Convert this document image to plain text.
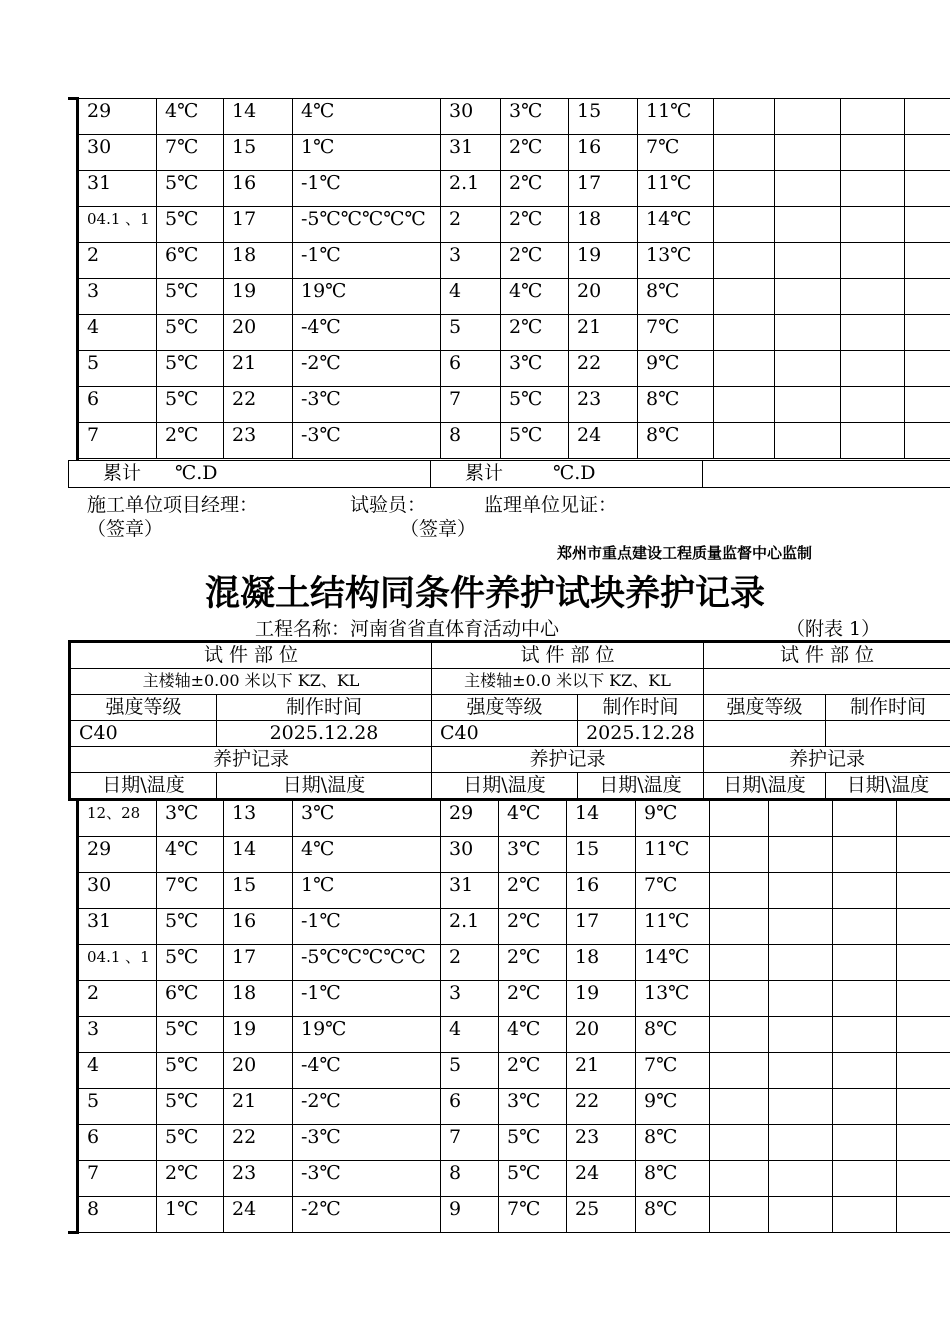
29	4℃	14	4℃	30	3℃	15	11℃				
30	7℃	15	1℃	31	2℃	16	7℃				
31	5℃	16	-1℃	2.1	2℃	17	11℃				
04.1 、1	5℃	17	-5℃℃℃℃℃	2	2℃	18	14℃				
2	6℃	18	-1℃	3	2℃	19	13℃				
3	5℃	19	19℃	4	4℃	20	8℃				
4	5℃	20	-4℃	5	2℃	21	7℃				
5	5℃	21	-2℃	6	3℃	22	9℃				
6	5℃	22	-3℃	7	5℃	23	8℃				
7	2℃	23	-3℃	8	5℃	24	8℃				
累计 ℃.D	累计	℃.D	
施工单位项目经理：	试验员：	监理单位见证：
（签章）	（签章）
郑州市重点建设工程质量监督中心监制
混凝土结构同条件养护试块养护记录
工程名称：河南省省直体育活动中心	（附表 1）
试 件 部 位		试 件 部 位		试 件 部 位	
主楼轴±0.00 米以下 KZ、KL		主楼轴±0.0 米以下 KZ、KL			
强度等级	制作时间	强度等级	制作时间	强度等级	制作时间
C40	2025.12.28	C40	2025.12.28		
养护记录		养护记录		养护记录	
日期\温度	日期\温度	日期\温度	日期\温度	日期\温度	日期\温度
12、28	3℃	13	3℃	29	4℃	14	9℃				
29	4℃	14	4℃	30	3℃	15	11℃				
30	7℃	15	1℃	31	2℃	16	7℃				
31	5℃	16	-1℃	2.1	2℃	17	11℃				
04.1 、1	5℃	17	-5℃℃℃℃℃	2	2℃	18	14℃				
2	6℃	18	-1℃	3	2℃	19	13℃				
3	5℃	19	19℃	4	4℃	20	8℃				
4	5℃	20	-4℃	5	2℃	21	7℃				
5	5℃	21	-2℃	6	3℃	22	9℃				
6	5℃	22	-3℃	7	5℃	23	8℃				
7	2℃	23	-3℃	8	5℃	24	8℃				
8	1℃	24	-2℃	9	7℃	25	8℃				
